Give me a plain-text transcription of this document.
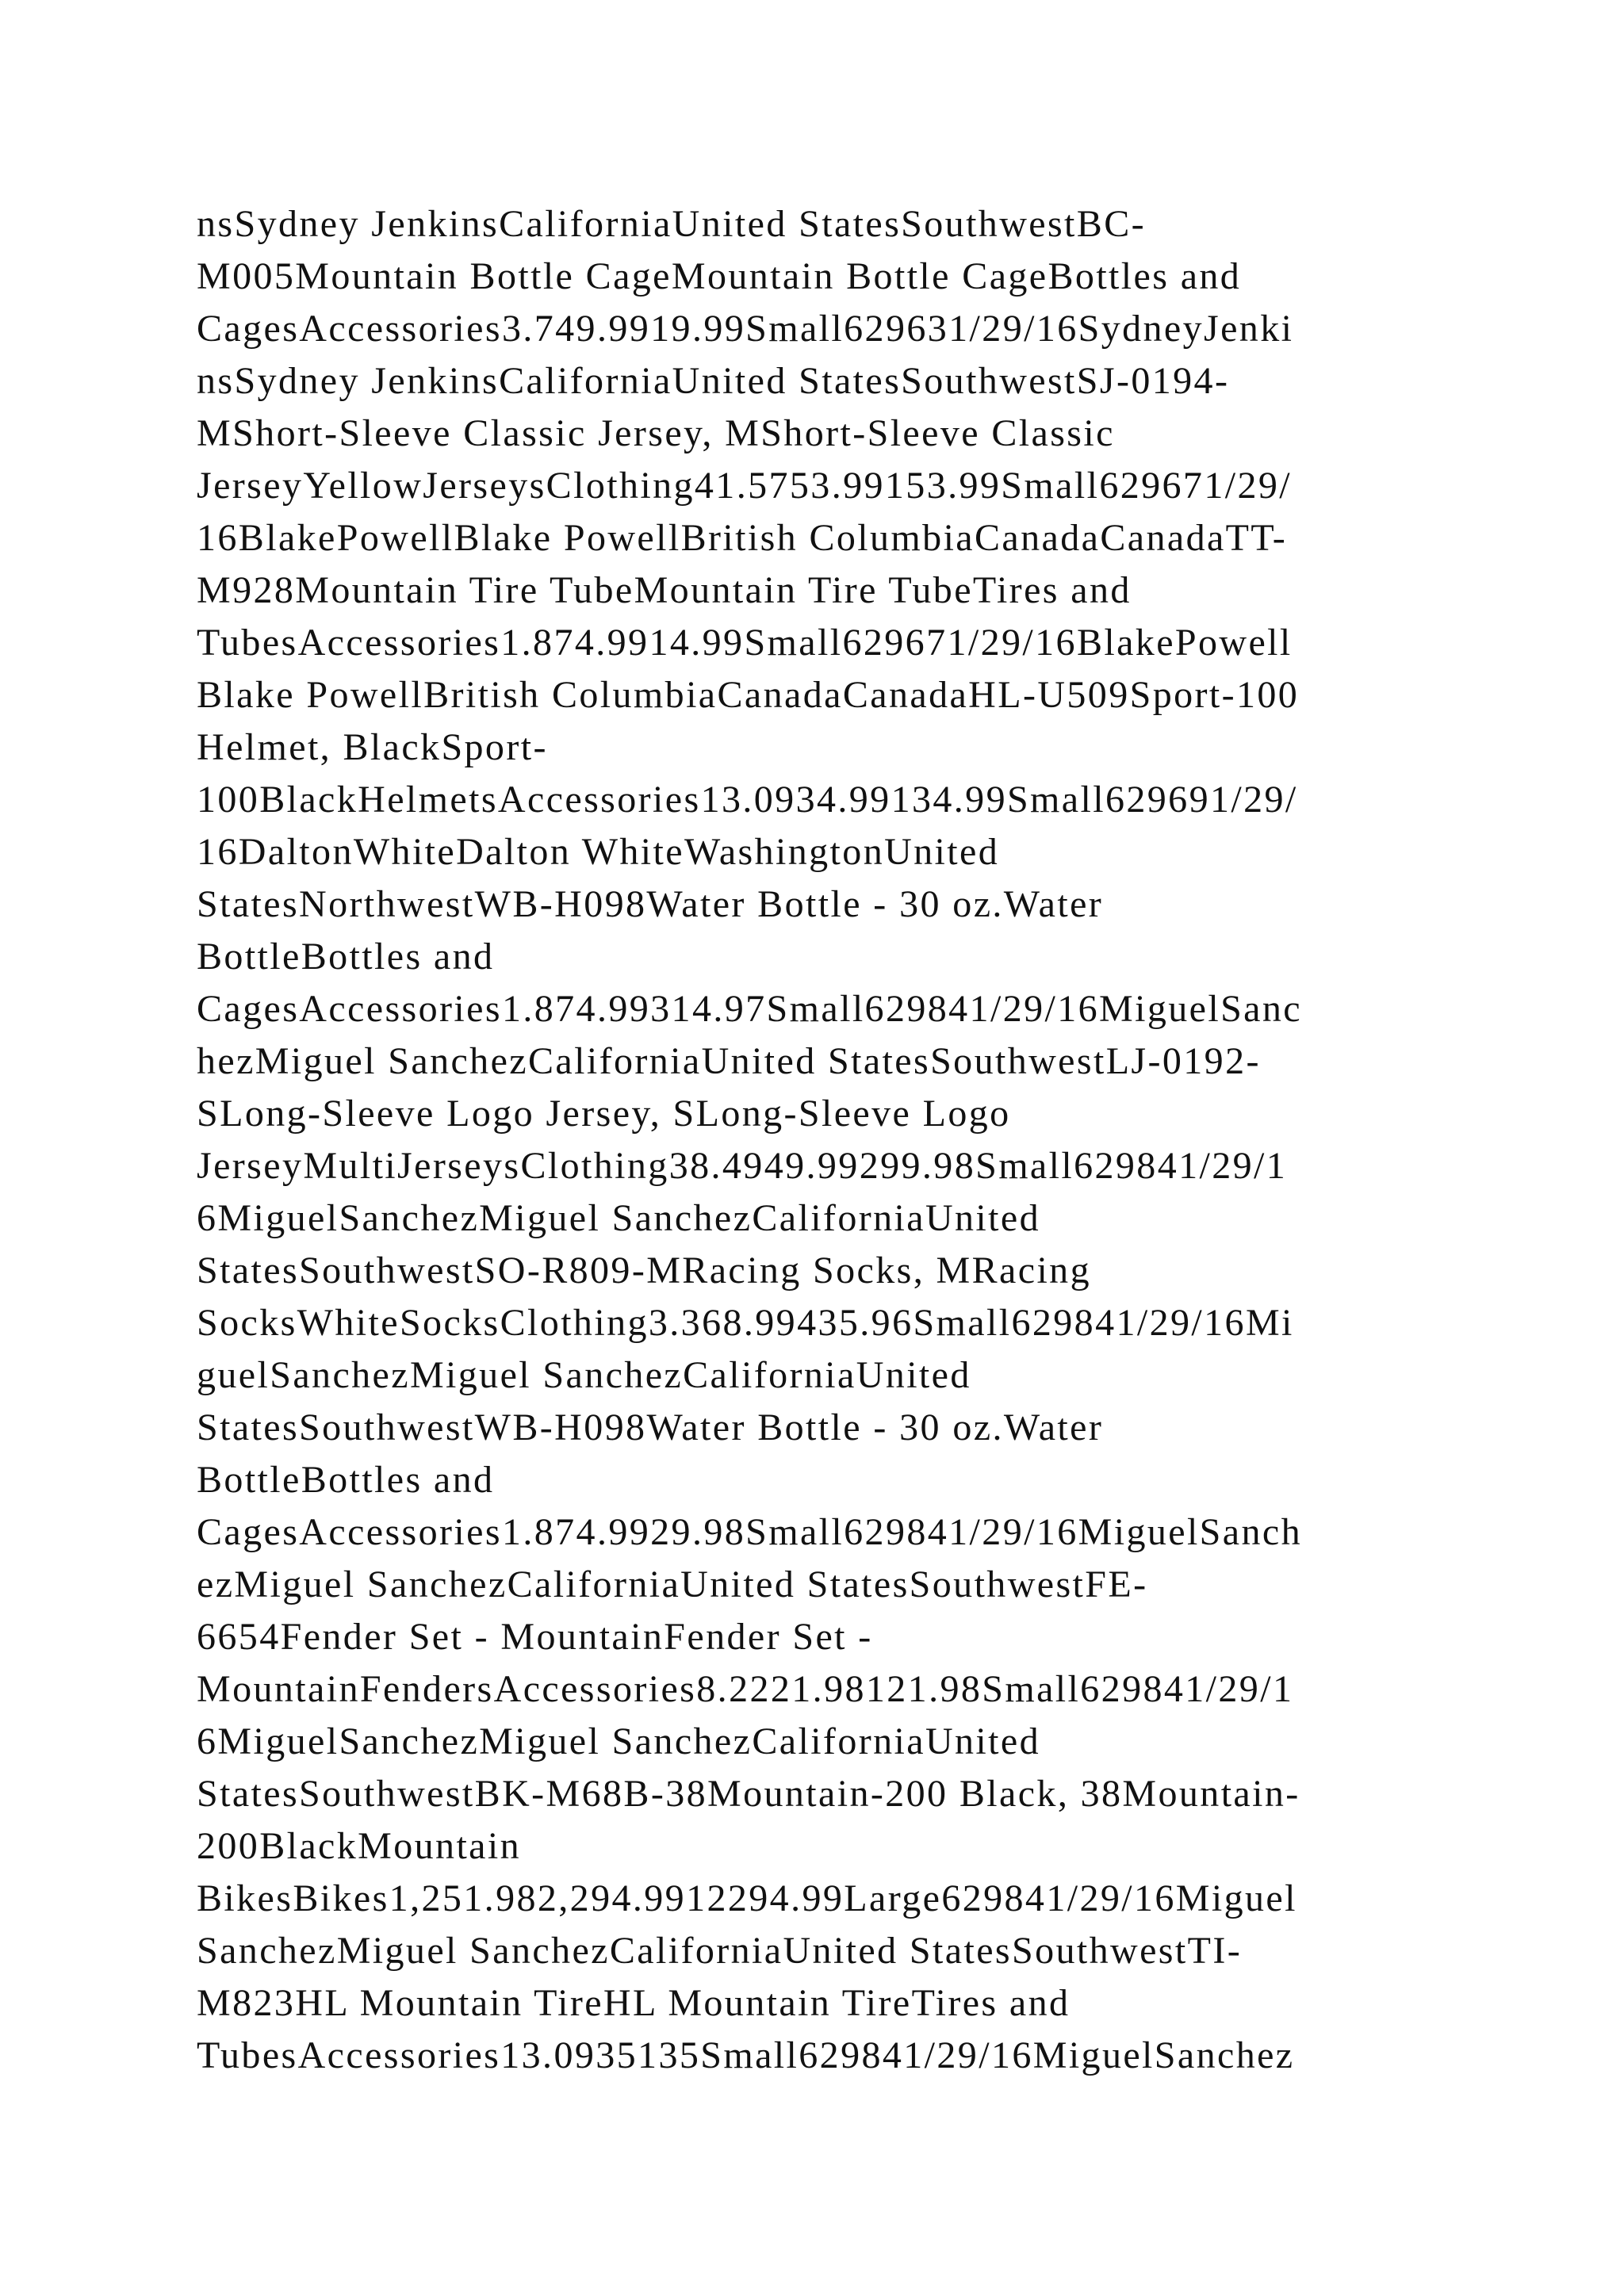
nsSydney JenkinsCaliforniaUnited StatesSouthwestBC-
M005Mountain Bottle CageMountain Bottle CageBottles and
CagesAccessories3.749.9919.99Small629631/29/16SydneyJenki
nsSydney JenkinsCaliforniaUnited StatesSouthwestSJ-0194-
MShort-Sleeve Classic Jersey, MShort-Sleeve Classic
JerseyYellowJerseysClothing41.5753.99153.99Small629671/29/
16BlakePowellBlake PowellBritish ColumbiaCanadaCanadaTT-
M928Mountain Tire TubeMountain Tire TubeTires and
TubesAccessories1.874.9914.99Small629671/29/16BlakePowell
Blake PowellBritish ColumbiaCanadaCanadaHL-U509Sport-100
Helmet, BlackSport-
100BlackHelmetsAccessories13.0934.99134.99Small629691/29/
16DaltonWhiteDalton WhiteWashingtonUnited
StatesNorthwestWB-H098Water Bottle - 30 oz.Water
BottleBottles and
CagesAccessories1.874.99314.97Small629841/29/16MiguelSanc
hezMiguel SanchezCaliforniaUnited StatesSouthwestLJ-0192-
SLong-Sleeve Logo Jersey, SLong-Sleeve Logo
JerseyMultiJerseysClothing38.4949.99299.98Small629841/29/1
6MiguelSanchezMiguel SanchezCaliforniaUnited
StatesSouthwestSO-R809-MRacing Socks, MRacing
SocksWhiteSocksClothing3.368.99435.96Small629841/29/16Mi
guelSanchezMiguel SanchezCaliforniaUnited
StatesSouthwestWB-H098Water Bottle - 30 oz.Water
BottleBottles and
CagesAccessories1.874.9929.98Small629841/29/16MiguelSanch
ezMiguel SanchezCaliforniaUnited StatesSouthwestFE-
6654Fender Set - MountainFender Set -
MountainFendersAccessories8.2221.98121.98Small629841/29/1
6MiguelSanchezMiguel SanchezCaliforniaUnited
StatesSouthwestBK-M68B-38Mountain-200 Black, 38Mountain-
200BlackMountain
BikesBikes1,251.982,294.9912294.99Large629841/29/16Miguel
SanchezMiguel SanchezCaliforniaUnited StatesSouthwestTI-
M823HL Mountain TireHL Mountain TireTires and
TubesAccessories13.0935135Small629841/29/16MiguelSanchez
